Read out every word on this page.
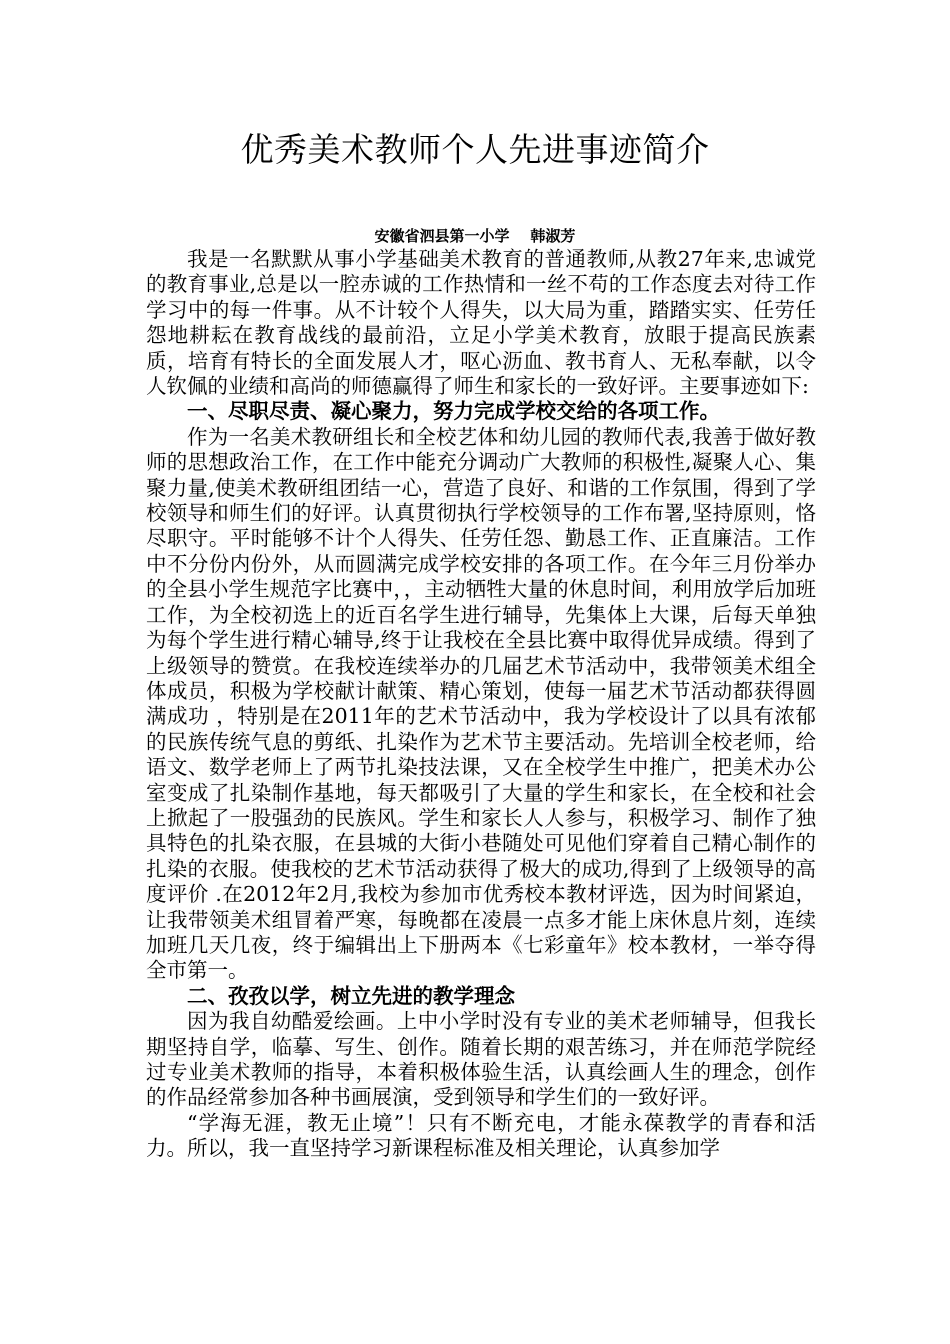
优秀美术教师个人先进事迹简介
安徽省泗县第一小学    韩淑芳

我是一名默默从事小学基础美术教育的普通教师,从教27年来,忠诚党的教育事业,总是以一腔赤诚的工作热情和一丝不苟的工作态度去对待工作学习中的每一件事。从不计较个人得失，以大局为重，踏踏实实、任劳任怨地耕耘在教育战线的最前沿，立足小学美术教育，放眼于提高民族素质，培育有特长的全面发展人才，呕心沥血、教书育人、无私奉献，以令人钦佩的业绩和高尚的师德赢得了师生和家长的一致好评。主要事迹如下:

一、尽职尽责、凝心聚力，努力完成学校交给的各项工作。

作为一名美术教研组长和全校艺体和幼儿园的教师代表,我善于做好教师的思想政治工作，在工作中能充分调动广大教师的积极性,凝聚人心、集聚力量,使美术教研组团结一心，营造了良好、和谐的工作氛围，得到了学校领导和师生们的好评。认真贯彻执行学校领导的工作布署,坚持原则，恪尽职守。平时能够不计个人得失、任劳任怨、勤恳工作、正直廉洁。工作中不分份内份外，从而圆满完成学校安排的各项工作。在今年三月份举办的全县小学生规范字比赛中，，主动牺牲大量的休息时间，利用放学后加班工作，为全校初选上的近百名学生进行辅导，先集体上大课，后每天单独为每个学生进行精心辅导,终于让我校在全县比赛中取得优异成绩。得到了上级领导的赞赏。在我校连续举办的几届艺术节活动中，我带领美术组全体成员，积极为学校献计献策、精心策划，使每一届艺术节活动都获得圆满成功 ，特别是在2011年的艺术节活动中，我为学校设计了以具有浓郁的民族传统气息的剪纸、扎染作为艺术节主要活动。先培训全校老师，给语文、数学老师上了两节扎染技法课，又在全校学生中推广，把美术办公室变成了扎染制作基地，每天都吸引了大量的学生和家长，在全校和社会上掀起了一股强劲的民族风。学生和家长人人参与，积极学习、制作了独具特色的扎染衣服，在县城的大街小巷随处可见他们穿着自己精心制作的扎染的衣服。使我校的艺术节活动获得了极大的成功,得到了上级领导的高度评价 .在2012年2月,我校为参加市优秀校本教材评选，因为时间紧迫，让我带领美术组冒着严寒，每晚都在凌晨一点多才能上床休息片刻，连续加班几天几夜，终于编辑出上下册两本《七彩童年》校本教材，一举夺得全市第一。

二、孜孜以学，树立先进的教学理念

因为我自幼酷爱绘画。上中小学时没有专业的美术老师辅导，但我长期坚持自学，临摹、写生、创作。随着长期的艰苦练习，并在师范学院经过专业美术教师的指导，本着积极体验生活，认真绘画人生的理念，创作的作品经常参加各种书画展演，受到领导和学生们的一致好评。

“学海无涯，教无止境”！只有不断充电，才能永葆教学的青春和活力。所以，我一直坚持学习新课程标准及相关理论，认真参加学
